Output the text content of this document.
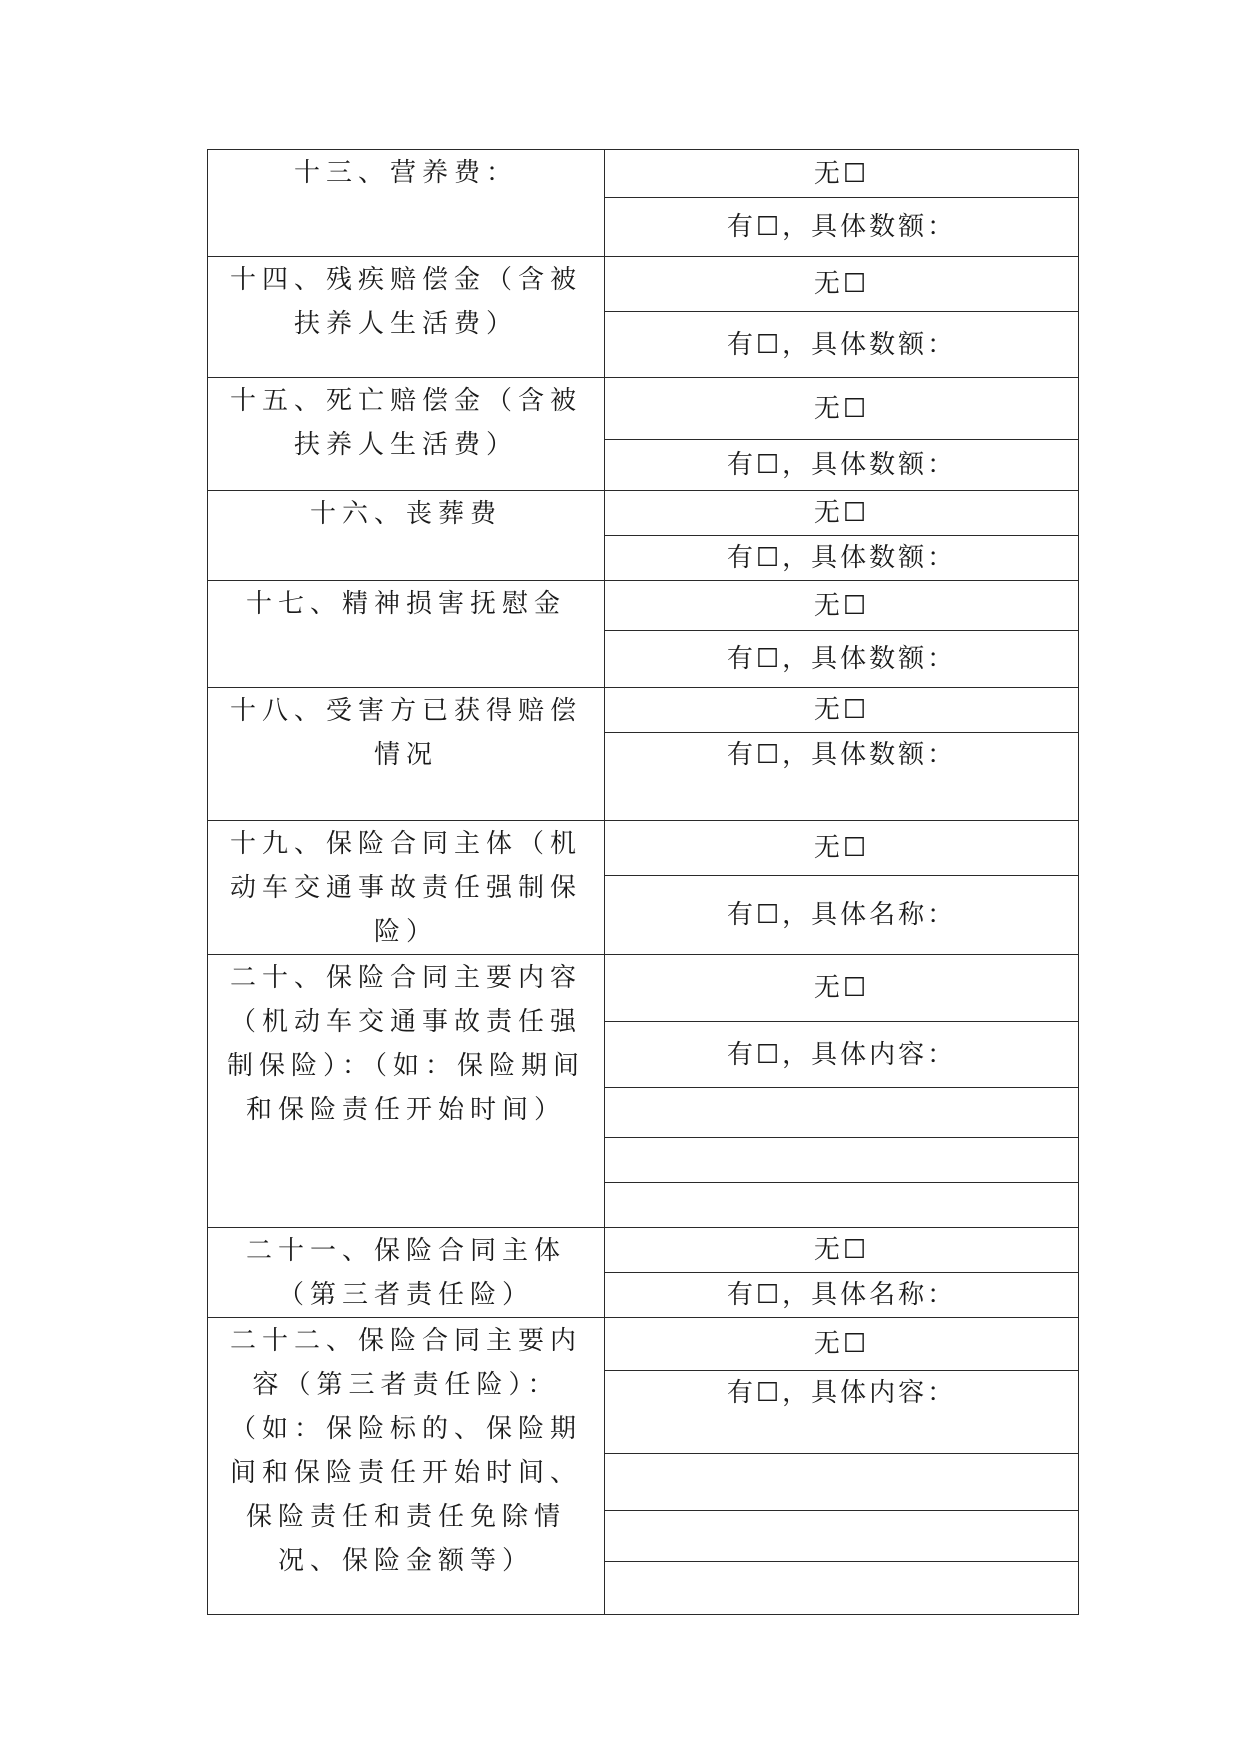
十三、营养费：	无☐
	有☐，具体数额：
十四、残疾赔偿金（含被扶养人生活费）	无☐
	有☐，具体数额：
十五、死亡赔偿金（含被扶养人生活费）	无☐
	有☐，具体数额：
十六、丧葬费	无☐
	有☐，具体数额：
十七、精神损害抚慰金	无☐
	有☐，具体数额：
十八、受害方已获得赔偿情况	无☐
	有☐，具体数额：
十九、保险合同主体（机动车交通事故责任强制保险）	无☐
	有☐，具体名称：
二十、保险合同主要内容（机动车交通事故责任强制保险）：（如：保险期间和保险责任开始时间）	无☐
	有☐，具体内容：

二十一、保险合同主体（第三者责任险）	无☐
	有☐，具体名称：
二十二、保险合同主要内容（第三者责任险）：（如：保险标的、保险期间和保险责任开始时间、保险责任和责任免除情况、保险金额等）	无☐
	有☐，具体内容：
